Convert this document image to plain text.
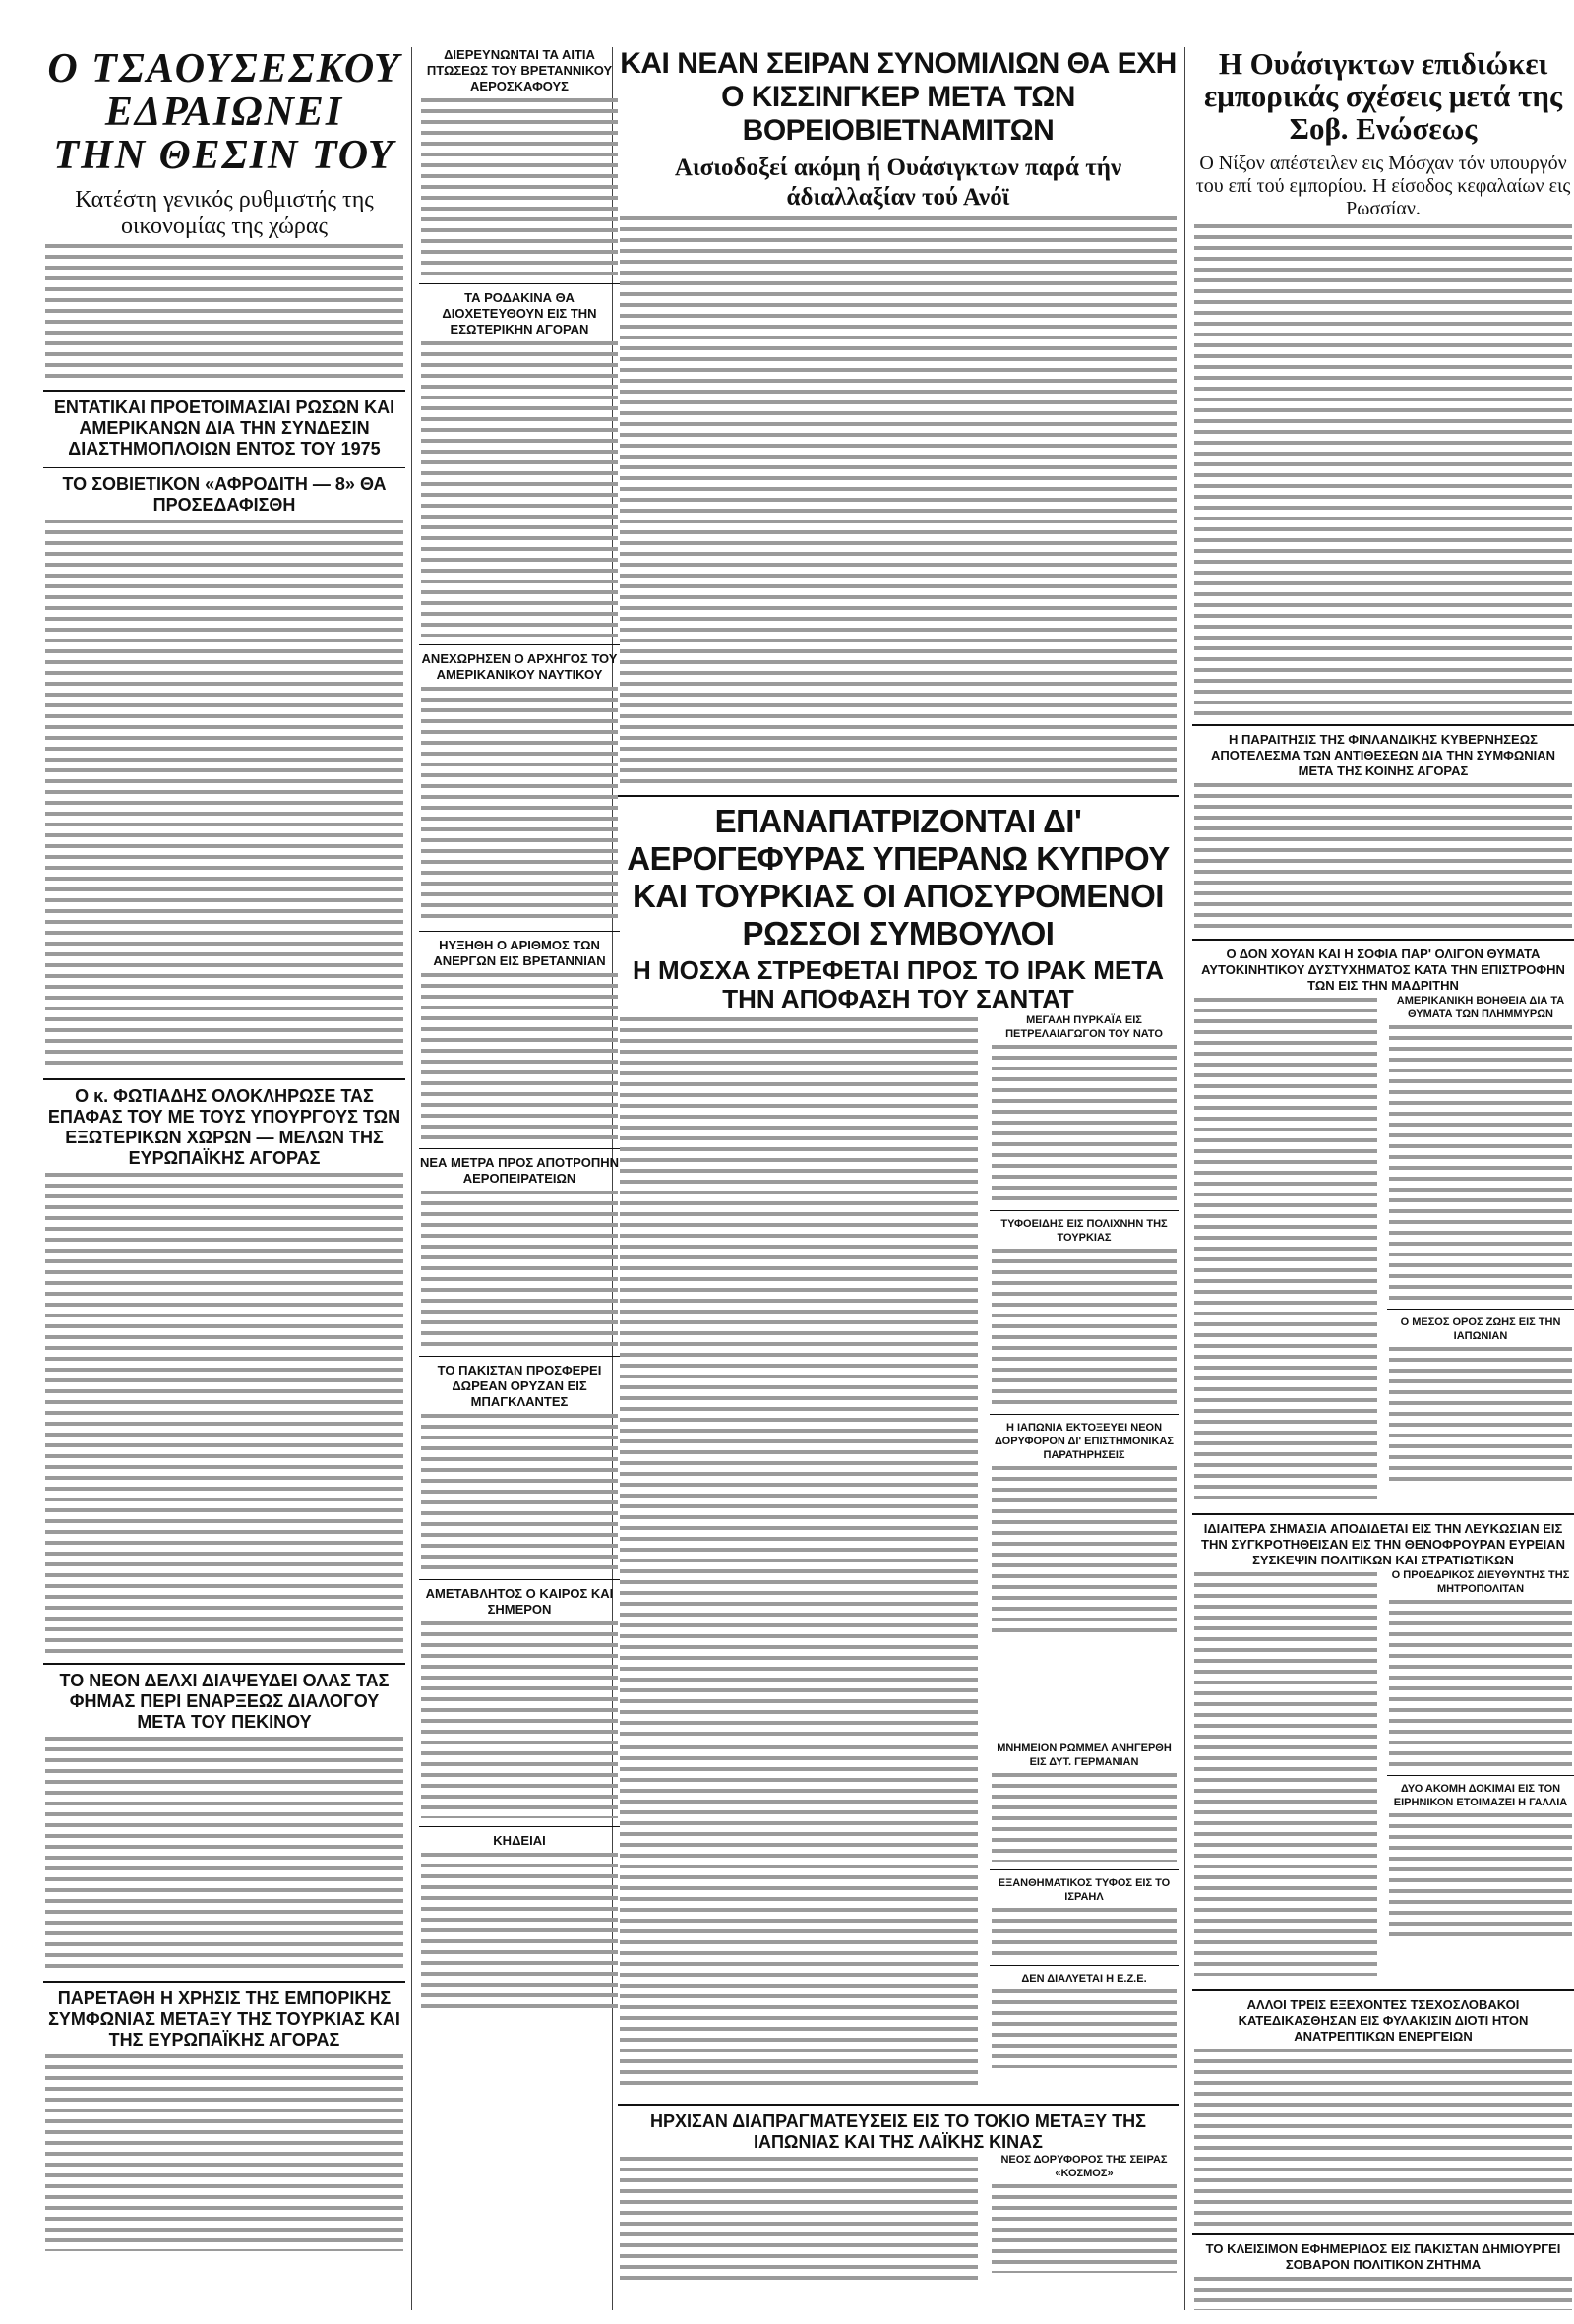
Ο ΤΣΑΟΥΣΕΣΚΟΥ
ΕΔΡΑΙΩΝΕΙ
ΤΗΝ ΘΕΣΙΝ ΤΟΥ
Κατέστη γενικός ρυθμιστής της οικονομίας της χώρας
ΕΝΤΑΤΙΚΑΙ ΠΡΟΕΤΟΙΜΑΣΙΑΙ ΡΩΣΩΝ ΚΑΙ ΑΜΕΡΙΚΑΝΩΝ ΔΙΑ ΤΗΝ ΣΥΝΔΕΣΙΝ ΔΙΑΣΤΗΜΟΠΛΟΙΩΝ ΕΝΤΟΣ ΤΟΥ 1975
ΤΟ ΣΟΒΙΕΤΙΚΟΝ «ΑΦΡΟΔΙΤΗ — 8» ΘΑ ΠΡΟΣΕΔΑΦΙΣΘΗ
Ο κ. ΦΩΤΙΑΔΗΣ ΟΛΟΚΛΗΡΩΣΕ ΤΑΣ ΕΠΑΦΑΣ ΤΟΥ ΜΕ ΤΟΥΣ ΥΠΟΥΡΓΟΥΣ ΤΩΝ ΕΞΩΤΕΡΙΚΩΝ ΧΩΡΩΝ — ΜΕΛΩΝ ΤΗΣ ΕΥΡΩΠΑΪΚΗΣ ΑΓΟΡΑΣ
ΤΟ ΝΕΟΝ ΔΕΛΧΙ ΔΙΑΨΕΥΔΕΙ ΟΛΑΣ ΤΑΣ ΦΗΜΑΣ ΠΕΡΙ ΕΝΑΡΞΕΩΣ ΔΙΑΛΟΓΟΥ ΜΕΤΑ ΤΟΥ ΠΕΚΙΝΟΥ
ΠΑΡΕΤΑΘΗ Η ΧΡΗΣΙΣ ΤΗΣ ΕΜΠΟΡΙΚΗΣ ΣΥΜΦΩΝΙΑΣ ΜΕΤΑΞΥ ΤΗΣ ΤΟΥΡΚΙΑΣ ΚΑΙ ΤΗΣ ΕΥΡΩΠΑΪΚΗΣ ΑΓΟΡΑΣ
ΔΙΕΡΕΥΝΩΝΤΑΙ ΤΑ ΑΙΤΙΑ ΠΤΩΣΕΩΣ ΤΟΥ ΒΡΕΤΑΝΝΙΚΟΥ ΑΕΡΟΣΚΑΦΟΥΣ
ΤΑ ΡΟΔΑΚΙΝΑ ΘΑ ΔΙΟΧΕΤΕΥΘΟΥΝ ΕΙΣ ΤΗΝ ΕΣΩΤΕΡΙΚΗΝ ΑΓΟΡΑΝ
ΑΝΕΧΩΡΗΣΕΝ Ο ΑΡΧΗΓΟΣ ΤΟΥ ΑΜΕΡΙΚΑΝΙΚΟΥ ΝΑΥΤΙΚΟΥ
ΗΥΞΗΘΗ Ο ΑΡΙΘΜΟΣ ΤΩΝ ΑΝΕΡΓΩΝ ΕΙΣ ΒΡΕΤΑΝΝΙΑΝ
ΝΕΑ ΜΕΤΡΑ ΠΡΟΣ ΑΠΟΤΡΟΠΗΝ ΑΕΡΟΠΕΙΡΑΤΕΙΩΝ
ΤΟ ΠΑΚΙΣΤΑΝ ΠΡΟΣΦΕΡΕΙ ΔΩΡΕΑΝ ΟΡΥΖΑΝ ΕΙΣ ΜΠΑΓΚΛΑΝΤΕΣ
ΑΜΕΤΑΒΛΗΤΟΣ Ο ΚΑΙΡΟΣ ΚΑΙ ΣΗΜΕΡΟΝ
ΚΗΔΕΙΑΙ
ΚΑΙ ΝΕΑΝ ΣΕΙΡΑΝ ΣΥΝΟΜΙΛΙΩΝ ΘΑ ΕΧΗ Ο ΚΙΣΣΙΝΓΚΕΡ ΜΕΤΑ ΤΩΝ ΒΟΡΕΙΟΒΙΕΤΝΑΜΙΤΩΝ
Αισιοδοξεί ακόμη ή Ουάσιγκτων παρά τήν άδιαλλαξίαν τού Ανόϊ
ΕΠΑΝΑΠΑΤΡΙΖΟΝΤΑΙ ΔΙ' ΑΕΡΟΓΕΦΥΡΑΣ ΥΠΕΡΑΝΩ ΚΥΠΡΟΥ ΚΑΙ ΤΟΥΡΚΙΑΣ ΟΙ ΑΠΟΣΥΡΟΜΕΝΟΙ ΡΩΣΣΟΙ ΣΥΜΒΟΥΛΟΙ
Η ΜΟΣΧΑ ΣΤΡΕΦΕΤΑΙ ΠΡΟΣ ΤΟ ΙΡΑΚ ΜΕΤΑ ΤΗΝ ΑΠΟΦΑΣΗ ΤΟΥ ΣΑΝΤΑΤ
ΜΕΓΑΛΗ ΠΥΡΚΑΪΑ ΕΙΣ ΠΕΤΡΕΛΑΙΑΓΩΓΟΝ ΤΟΥ ΝΑΤΟ
ΤΥΦΟΕΙΔΗΣ ΕΙΣ ΠΟΛΙΧΝΗΝ ΤΗΣ ΤΟΥΡΚΙΑΣ
Η ΙΑΠΩΝΙΑ ΕΚΤΟΞΕΥΕΙ ΝΕΟΝ ΔΟΡΥΦΟΡΟΝ ΔΙ' ΕΠΙΣΤΗΜΟΝΙΚΑΣ ΠΑΡΑΤΗΡΗΣΕΙΣ
ΜΝΗΜΕΙΟΝ ΡΩΜΜΕΛ ΑΝΗΓΕΡΘΗ ΕΙΣ ΔΥΤ. ΓΕΡΜΑΝΙΑΝ
ΕΞΑΝΘΗΜΑΤΙΚΟΣ ΤΥΦΟΣ ΕΙΣ ΤΟ ΙΣΡΑΗΛ
ΔΕΝ ΔΙΑΛΥΕΤΑΙ Η Ε.Ζ.Ε.
ΗΡΧΙΣΑΝ ΔΙΑΠΡΑΓΜΑΤΕΥΣΕΙΣ ΕΙΣ ΤΟ ΤΟΚΙΟ ΜΕΤΑΞΥ ΤΗΣ ΙΑΠΩΝΙΑΣ ΚΑΙ ΤΗΣ ΛΑΪΚΗΣ ΚΙΝΑΣ
ΝΕΟΣ ΔΟΡΥΦΟΡΟΣ ΤΗΣ ΣΕΙΡΑΣ «ΚΟΣΜΟΣ»
Η Ουάσιγκτων επιδιώκει εμπορικάς σχέσεις μετά της Σοβ. Ενώσεως
Ο Νίξον απέστειλεν εις Μόσχαν τόν υπουργόν του επί τού εμπορίου. Η είσοδος κεφαλαίων εις Ρωσσίαν.
Η ΠΑΡΑΙΤΗΣΙΣ ΤΗΣ ΦΙΝΛΑΝΔΙΚΗΣ ΚΥΒΕΡΝΗΣΕΩΣ ΑΠΟΤΕΛΕΣΜΑ ΤΩΝ ΑΝΤΙΘΕΣΕΩΝ ΔΙΑ ΤΗΝ ΣΥΜΦΩΝΙΑΝ ΜΕΤΑ ΤΗΣ ΚΟΙΝΗΣ ΑΓΟΡΑΣ
Ο ΔΟΝ ΧΟΥΑΝ ΚΑΙ Η ΣΟΦΙΑ ΠΑΡ' ΟΛΙΓΟΝ ΘΥΜΑΤΑ ΑΥΤΟΚΙΝΗΤΙΚΟΥ ΔΥΣΤΥΧΗΜΑΤΟΣ ΚΑΤΑ ΤΗΝ ΕΠΙΣΤΡΟΦΗΝ ΤΩΝ ΕΙΣ ΤΗΝ ΜΑΔΡΙΤΗΝ
ΑΜΕΡΙΚΑΝΙΚΗ ΒΟΗΘΕΙΑ ΔΙΑ ΤΑ ΘΥΜΑΤΑ ΤΩΝ ΠΛΗΜΜΥΡΩΝ
Ο ΜΕΣΟΣ ΟΡΟΣ ΖΩΗΣ ΕΙΣ ΤΗΝ ΙΑΠΩΝΙΑΝ
ΙΔΙΑΙΤΕΡΑ ΣΗΜΑΣΙΑ ΑΠΟΔΙΔΕΤΑΙ ΕΙΣ ΤΗΝ ΛΕΥΚΩΣΙΑΝ ΕΙΣ ΤΗΝ ΣΥΓΚΡΟΤΗΘΕΙΣΑΝ ΕΙΣ ΤΗΝ ΘΕΝΟΦΡΟΥΡΑΝ ΕΥΡΕΙΑΝ ΣΥΣΚΕΨΙΝ ΠΟΛΙΤΙΚΩΝ ΚΑΙ ΣΤΡΑΤΙΩΤΙΚΩΝ
Ο ΠΡΟΕΔΡΙΚΟΣ ΔΙΕΥΘΥΝΤΗΣ ΤΗΣ ΜΗΤΡΟΠΟΛΙΤΑΝ
ΔΥΟ ΑΚΟΜΗ ΔΟΚΙΜΑΙ ΕΙΣ ΤΟΝ ΕΙΡΗΝΙΚΟΝ ΕΤΟΙΜΑΖΕΙ Η ΓΑΛΛΙΑ
ΑΛΛΟΙ ΤΡΕΙΣ ΕΞΕΧΟΝΤΕΣ ΤΣΕΧΟΣΛΟΒΑΚΟΙ ΚΑΤΕΔΙΚΑΣΘΗΣΑΝ ΕΙΣ ΦΥΛΑΚΙΣΙΝ ΔΙΟΤΙ ΗΤΟΝ ΑΝΑΤΡΕΠΤΙΚΩΝ ΕΝΕΡΓΕΙΩΝ
ΤΟ ΚΛΕΙΣΙΜΟΝ ΕΦΗΜΕΡΙΔΟΣ ΕΙΣ ΠΑΚΙΣΤΑΝ ΔΗΜΙΟΥΡΓΕΙ ΣΟΒΑΡΟΝ ΠΟΛΙΤΙΚΟΝ ΖΗΤΗΜΑ
